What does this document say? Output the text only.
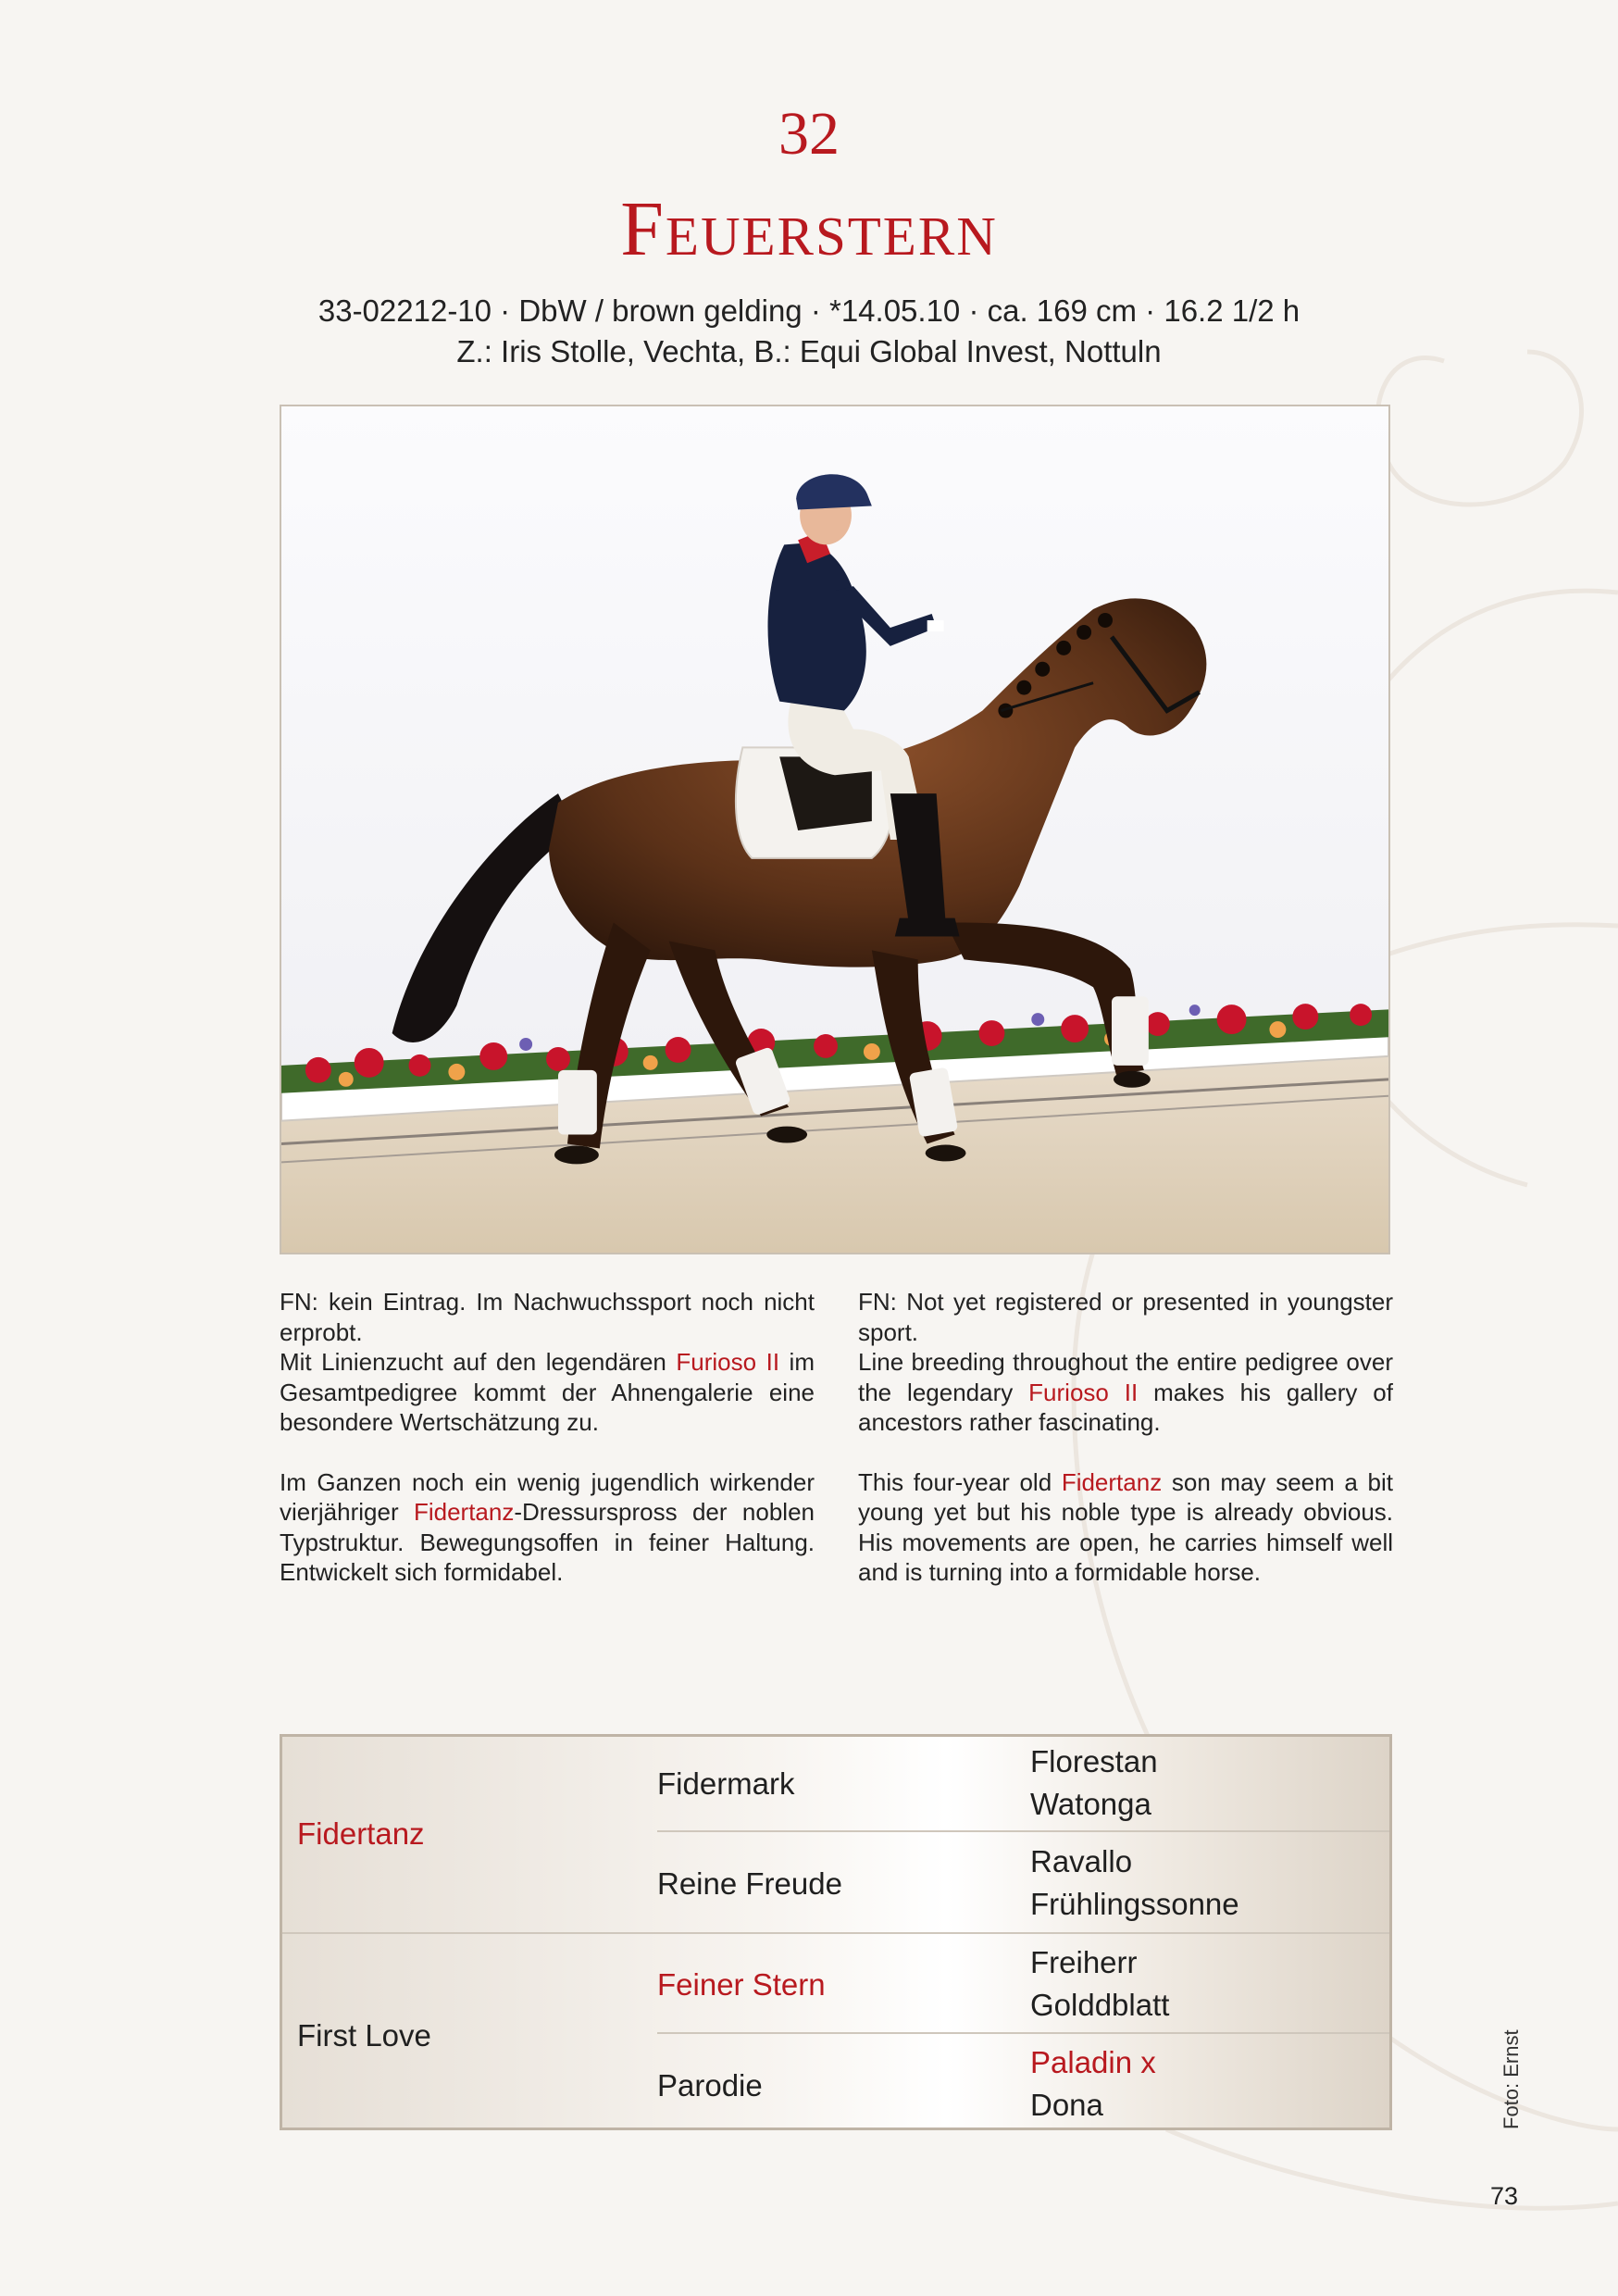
32
Feuerstern
33-02212-10 · DbW / brown gelding · *14.05.10 · ca. 169 cm · 16.2 1/2 h
Z.: Iris Stolle, Vechta, B.: Equi Global Invest, Nottuln

FN: kein Eintrag. Im Nachwuchssport noch nicht erprobt.

Mit Linienzucht auf den legendären Furioso II im Gesamtpedigree kommt der Ahnengalerie eine besondere Wertschätzung zu.

Im Ganzen noch ein wenig jugendlich wirkender vierjähriger Fidertanz-Dressurspross der noblen Typstruktur. Bewegungsoffen in feiner Haltung. Entwickelt sich formidabel.

FN: Not yet registered or presented in youngster sport.

Line breeding throughout the entire pedigree over the legendary Furioso II makes his gallery of ancestors rather fascinating.

This four-year old Fidertanz son may seem a bit young yet but his noble type is already obvious. His movements are open, he carries himself well and is turning into a formidable horse.

Fidertanz
First Love
Fidermark
Reine Freude
Feiner Stern
Parodie
Florestan
Watonga
Ravallo
Frühlingssonne
Freiherr
Golddblatt
Paladin x
Dona	Foto: Ernst
73
